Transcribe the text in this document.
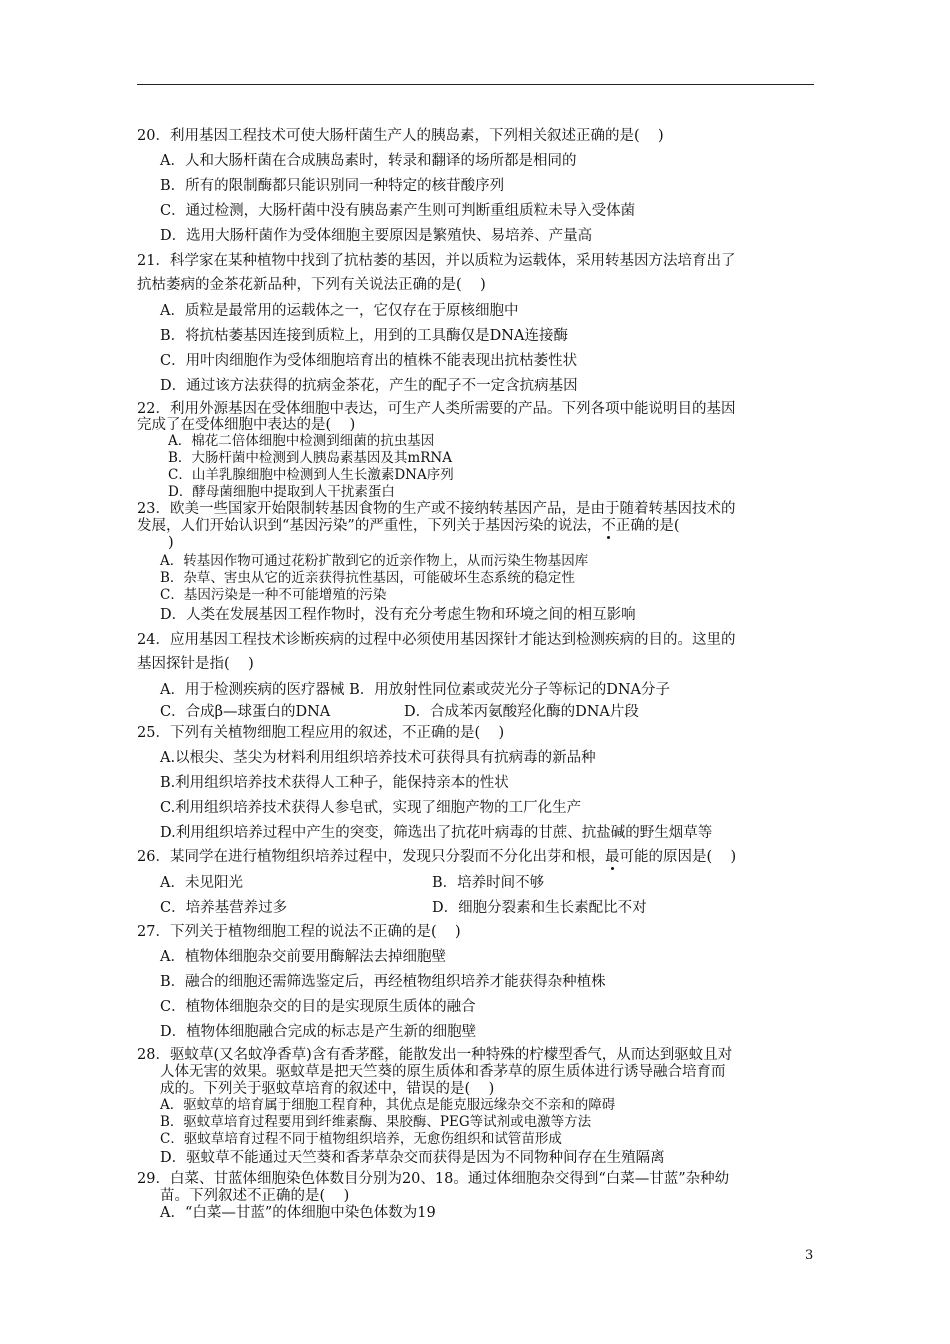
20．利用基因工程技术可使大肠杆菌生产人的胰岛素，下列相关叙述正确的是(    )
A．人和大肠杆菌在合成胰岛素时，转录和翻译的场所都是相同的
B．所有的限制酶都只能识别同一种特定的核苷酸序列
C．通过检测，大肠杆菌中没有胰岛素产生则可判断重组质粒未导入受体菌
D．选用大肠杆菌作为受体细胞主要原因是繁殖快、易培养、产量高
21．科学家在某种植物中找到了抗枯萎的基因，并以质粒为运载体，采用转基因方法培育出了
抗枯萎病的金茶花新品种，下列有关说法正确的是(    )
A．质粒是最常用的运载体之一，它仅存在于原核细胞中
B．将抗枯萎基因连接到质粒上，用到的工具酶仅是DNA连接酶
C．用叶肉细胞作为受体细胞培育出的植株不能表现出抗枯萎性状
D．通过该方法获得的抗病金茶花，产生的配子不一定含抗病基因
22．利用外源基因在受体细胞中表达，可生产人类所需要的产品。下列各项中能说明目的基因
完成了在受体细胞中表达的是(    )
A．棉花二倍体细胞中检测到细菌的抗虫基因
B．大肠杆菌中检测到人胰岛素基因及其mRNA
C．山羊乳腺细胞中检测到人生长激素DNA序列
D．酵母菌细胞中提取到人干扰素蛋白
23．欧美一些国家开始限制转基因食物的生产或不接纳转基因产品，是由于随着转基因技术的
发展，人们开始认识到“基因污染”的严重性，下列关于基因污染的说法，不正确的是(
)
A．转基因作物可通过花粉扩散到它的近亲作物上，从而污染生物基因库
B．杂草、害虫从它的近亲获得抗性基因，可能破坏生态系统的稳定性
C．基因污染是一种不可能增殖的污染
D．人类在发展基因工程作物时，没有充分考虑生物和环境之间的相互影响
24．应用基因工程技术诊断疾病的过程中必须使用基因探针才能达到检测疾病的目的。这里的
基因探针是指(    )
A．用于检测疾病的医疗器械 B．用放射性同位素或荧光分子等标记的DNA分子
C．合成β—球蛋白的DNA	D．合成苯丙氨酸羟化酶的DNA片段
25．下列有关植物细胞工程应用的叙述，不正确的是(    )
A.以根尖、茎尖为材料利用组织培养技术可获得具有抗病毒的新品种
B.利用组织培养技术获得人工种子，能保持亲本的性状
C.利用组织培养技术获得人参皂甙，实现了细胞产物的工厂化生产
D.利用组织培养过程中产生的突变，筛选出了抗花叶病毒的甘蔗、抗盐碱的野生烟草等
26．某同学在进行植物组织培养过程中，发现只分裂而不分化出芽和根，最可能的原因是(    )
A．未见阳光	B．培养时间不够
C．培养基营养过多	D．细胞分裂素和生长素配比不对
27．下列关于植物细胞工程的说法不正确的是(    )
A．植物体细胞杂交前要用酶解法去掉细胞壁
B．融合的细胞还需筛选鉴定后，再经植物组织培养才能获得杂种植株
C．植物体细胞杂交的目的是实现原生质体的融合
D．植物体细胞融合完成的标志是产生新的细胞壁
28．驱蚊草(又名蚊净香草)含有香茅醛，能散发出一种特殊的柠檬型香气，从而达到驱蚊且对
人体无害的效果。驱蚊草是把天竺葵的原生质体和香茅草的原生质体进行诱导融合培育而
成的。下列关于驱蚊草培育的叙述中，错误的是(    )
A．驱蚊草的培育属于细胞工程育种，其优点是能克服远缘杂交不亲和的障碍
B．驱蚊草培育过程要用到纤维素酶、果胶酶、PEG等试剂或电激等方法
C．驱蚊草培育过程不同于植物组织培养，无愈伤组织和试管苗形成
D．驱蚊草不能通过天竺葵和香茅草杂交而获得是因为不同物种间存在生殖隔离
29．白菜、甘蓝体细胞染色体数目分别为20、18。通过体细胞杂交得到“白菜—甘蓝”杂种幼
苗。下列叙述不正确的是(    )
A．“白菜—甘蓝”的体细胞中染色体数为19
3
